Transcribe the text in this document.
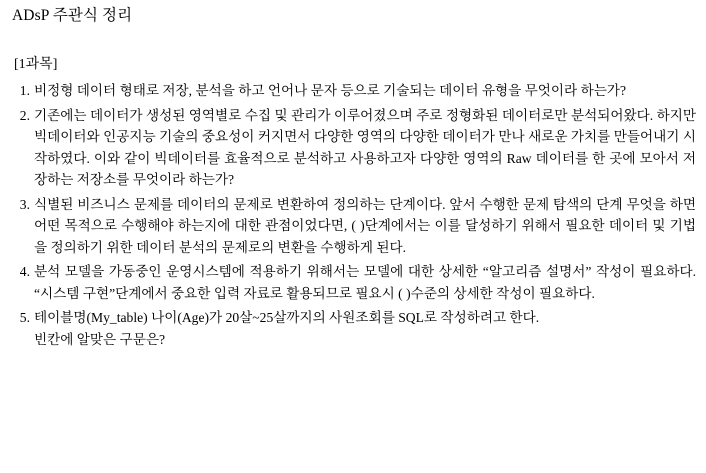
ADsP 주관식 정리
[1과목]
1. 비정형 데이터 형태로 저장, 분석을 하고 언어나 문자 등으로 기술되는 데이터 유형을 무엇이라 하는가?
2. 기존에는 데이터가 생성된 영역별로 수집 및 관리가 이루어졌으며 주로 정형화된 데이터로만 분석되어왔다. 하지만 빅데이터와 인공지능 기술의 중요성이 커지면서 다양한 영역의 다양한 데이터가 만나 새로운 가치를 만들어내기 시작하였다. 이와 같이 빅데이터를 효율적으로 분석하고 사용하고자 다양한 영역의 Raw 데이터를 한 곳에 모아서 저장하는 저장소를 무엇이라 하는가?
3. 식별된 비즈니스 문제를 데이터의 문제로 변환하여 정의하는 단계이다. 앞서 수행한 문제 탐색의 단계 무엇을 하면 어떤 목적으로 수행해야 하는지에 대한 관점이었다면, ( )단계에서는 이를 달성하기 위해서 필요한 데이터 및 기법을 정의하기 위한 데이터 분석의 문제로의 변환을 수행하게 된다.
4. 분석 모델을 가동중인 운영시스템에 적용하기 위해서는 모델에 대한 상세한 “알고리즘 설명서” 작성이 필요하다. “시스템 구현”단계에서 중요한 입력 자료로 활용되므로 필요시 ( )수준의 상세한 작성이 필요하다.
5. 테이블명(My_table) 나이(Age)가 20살~25살까지의 사원조회를 SQL로 작성하려고 한다.
빈칸에 알맞은 구문은?
